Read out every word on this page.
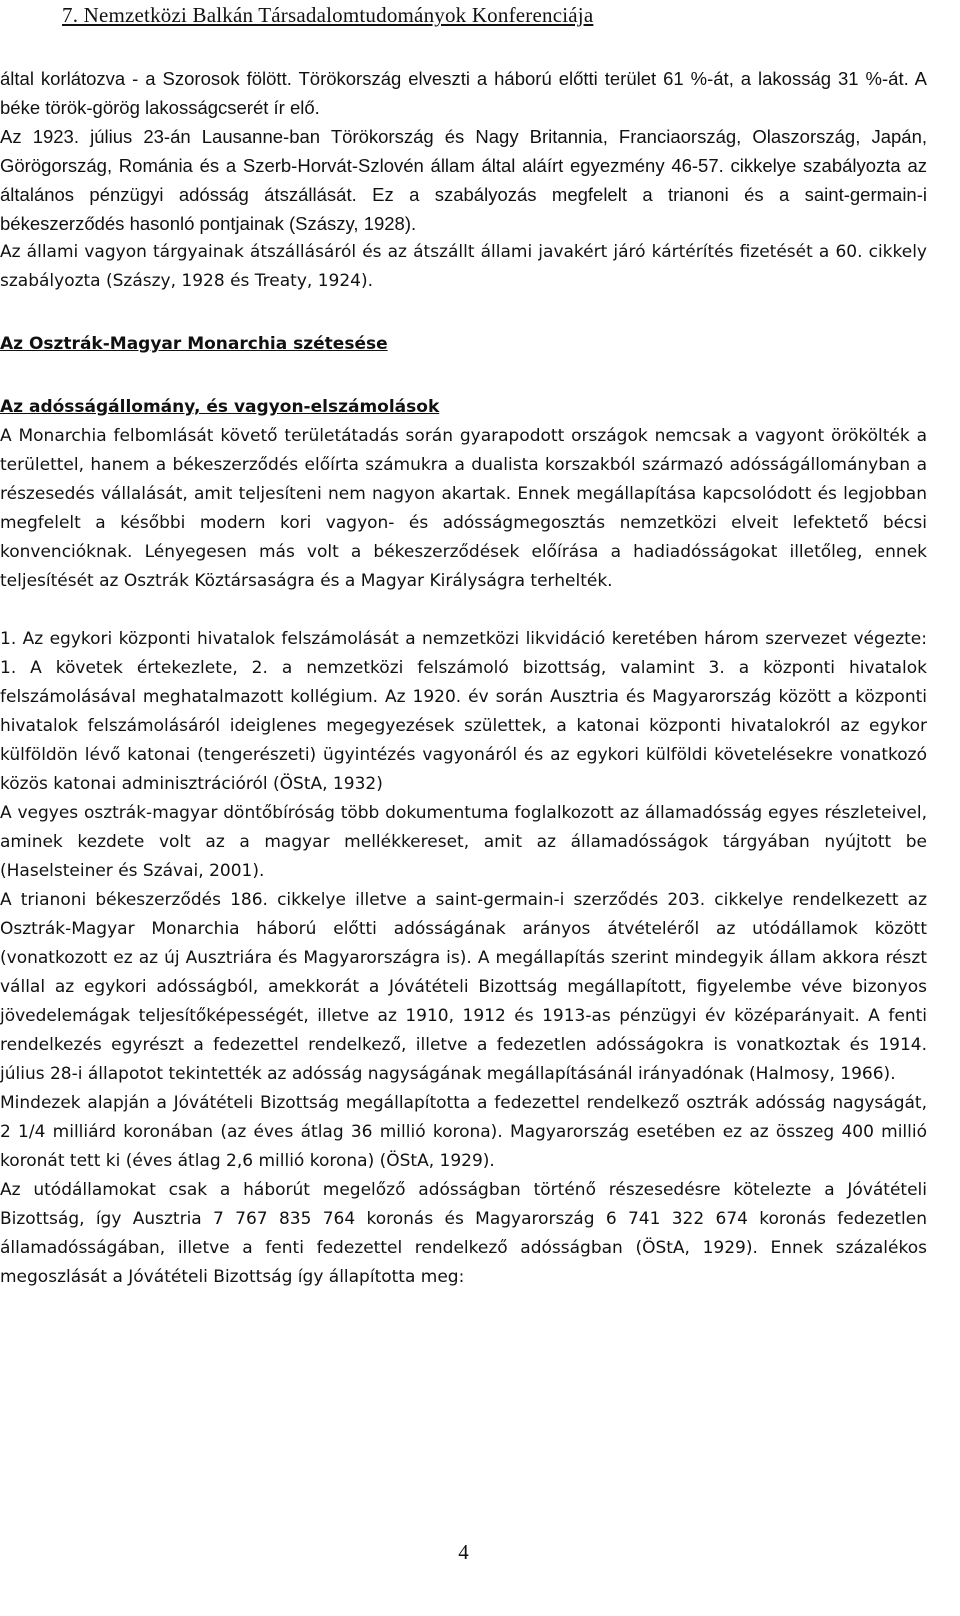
7. Nemzetközi Balkán Társadalomtudományok Konferenciája

által korlátozva - a Szorosok fölött. Törökország elveszti a háború előtti terület 61 %-át, a lakosság 31 %-át. A béke török-görög lakosságcserét ír elő.

Az 1923. július 23-án Lausanne-ban Törökország és Nagy Britannia, Franciaország, Olaszország, Japán, Görögország, Románia és a Szerb-Horvát-Szlovén állam által aláírt egyezmény 46-57. cikkelye szabályozta az általános pénzügyi adósság átszállását. Ez a szabályozás megfelelt a trianoni és a saint-germain-i békeszerződés hasonló pontjainak (Szászy, 1928).

Az állami vagyon tárgyainak átszállásáról és az átszállt állami javakért járó kártérítés fizetését a 60. cikkely szabályozta (Szászy, 1928 és Treaty, 1924).

Az Osztrák-Magyar Monarchia szétesése

Az adósságállomány, és vagyon-elszámolások

A Monarchia felbomlását követő területátadás során gyarapodott országok nemcsak a vagyont örökölték a területtel, hanem a békeszerződés előírta számukra a dualista korszakból származó adósságállományban a részesedés vállalását, amit teljesíteni nem nagyon akartak. Ennek megállapítása kapcsolódott és legjobban megfelelt a későbbi modern kori vagyon- és adósságmegosztás nemzetközi elveit lefektető bécsi konvencióknak. Lényegesen más volt a békeszerződések előírása a hadiadósságokat illetőleg, ennek teljesítését az Osztrák Köztársaságra és a Magyar Királyságra terhelték.

1. Az egykori központi hivatalok felszámolását a nemzetközi likvidáció keretében három szervezet végezte: 1. A követek értekezlete, 2. a nemzetközi felszámoló bizottság, valamint 3. a központi hivatalok felszámolásával meghatalmazott kollégium. Az 1920. év során Ausztria és Magyarország között a központi hivatalok felszámolásáról ideiglenes megegyezések születtek, a katonai központi hivatalokról az egykor külföldön lévő katonai (tengerészeti) ügyintézés vagyonáról és az egykori külföldi követelésekre vonatkozó közös katonai adminisztrációról (ÖStA, 1932)

A vegyes osztrák-magyar döntőbíróság több dokumentuma foglalkozott az államadósság egyes részleteivel, aminek kezdete volt az a magyar mellékkereset, amit az államadósságok tárgyában nyújtott be (Haselsteiner és Szávai, 2001).

A trianoni békeszerződés 186. cikkelye illetve a saint-germain-i szerződés 203. cikkelye rendelkezett az Osztrák-Magyar Monarchia háború előtti adósságának arányos átvételéről az utódállamok között (vonatkozott ez az új Ausztriára és Magyarországra is). A megállapítás szerint mindegyik állam akkora részt vállal az egykori adósságból, amekkorát a Jóvátételi Bizottság megállapított, figyelembe véve bizonyos jövedelemágak teljesítőképességét, illetve az 1910, 1912 és 1913-as pénzügyi év középarányait. A fenti rendelkezés egyrészt a fedezettel rendelkező, illetve a fedezetlen adósságokra is vonatkoztak és 1914. július 28-i állapotot tekintették az adósság nagyságának megállapításánál irányadónak (Halmosy, 1966).

Mindezek alapján a Jóvátételi Bizottság megállapította a fedezettel rendelkező osztrák adósság nagyságát, 2 1/4 milliárd koronában (az éves átlag 36 millió korona). Magyarország esetében ez az összeg 400 millió koronát tett ki (éves átlag 2,6 millió korona) (ÖStA, 1929).

Az utódállamokat csak a háborút megelőző adósságban történő részesedésre kötelezte a Jóvátételi Bizottság, így Ausztria 7 767 835 764 koronás és Magyarország 6 741 322 674 koronás fedezetlen államadósságában, illetve a fenti fedezettel rendelkező adósságban (ÖStA, 1929). Ennek százalékos megoszlását a Jóvátételi Bizottság így állapította meg:

4
